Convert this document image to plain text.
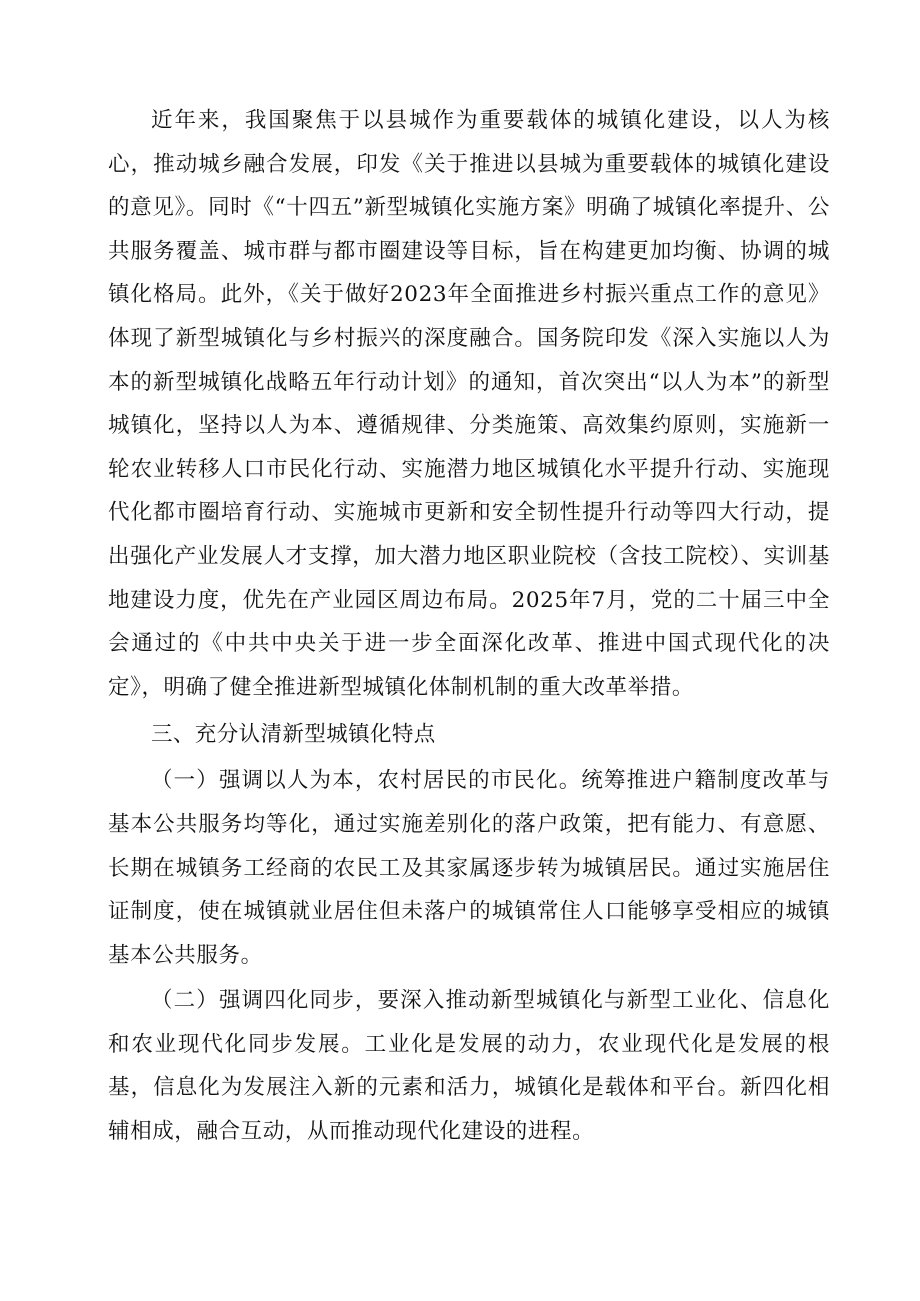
近年来，我国聚焦于以县城作为重要载体的城镇化建设，以人为核心，推动城乡融合发展，印发《关于推进以县城为重要载体的城镇化建设的意见》。同时《“十四五”新型城镇化实施方案》明确了城镇化率提升、公共服务覆盖、城市群与都市圈建设等目标，旨在构建更加均衡、协调的城镇化格局。此外，《关于做好2023年全面推进乡村振兴重点工作的意见》体现了新型城镇化与乡村振兴的深度融合。国务院印发《深入实施以人为本的新型城镇化战略五年行动计划》的通知，首次突出“以人为本”的新型城镇化，坚持以人为本、遵循规律、分类施策、高效集约原则，实施新一轮农业转移人口市民化行动、实施潜力地区城镇化水平提升行动、实施现代化都市圈培育行动、实施城市更新和安全韧性提升行动等四大行动，提出强化产业发展人才支撑，加大潜力地区职业院校（含技工院校）、实训基地建设力度，优先在产业园区周边布局。2025年7月，党的二十届三中全会通过的《中共中央关于进一步全面深化改革、推进中国式现代化的决定》，明确了健全推进新型城镇化体制机制的重大改革举措。

三、充分认清新型城镇化特点

（一）强调以人为本，农村居民的市民化。统筹推进户籍制度改革与基本公共服务均等化，通过实施差别化的落户政策，把有能力、有意愿、长期在城镇务工经商的农民工及其家属逐步转为城镇居民。通过实施居住证制度，使在城镇就业居住但未落户的城镇常住人口能够享受相应的城镇基本公共服务。

（二）强调四化同步，要深入推动新型城镇化与新型工业化、信息化和农业现代化同步发展。工业化是发展的动力，农业现代化是发展的根基，信息化为发展注入新的元素和活力，城镇化是载体和平台。新四化相辅相成，融合互动，从而推动现代化建设的进程。
